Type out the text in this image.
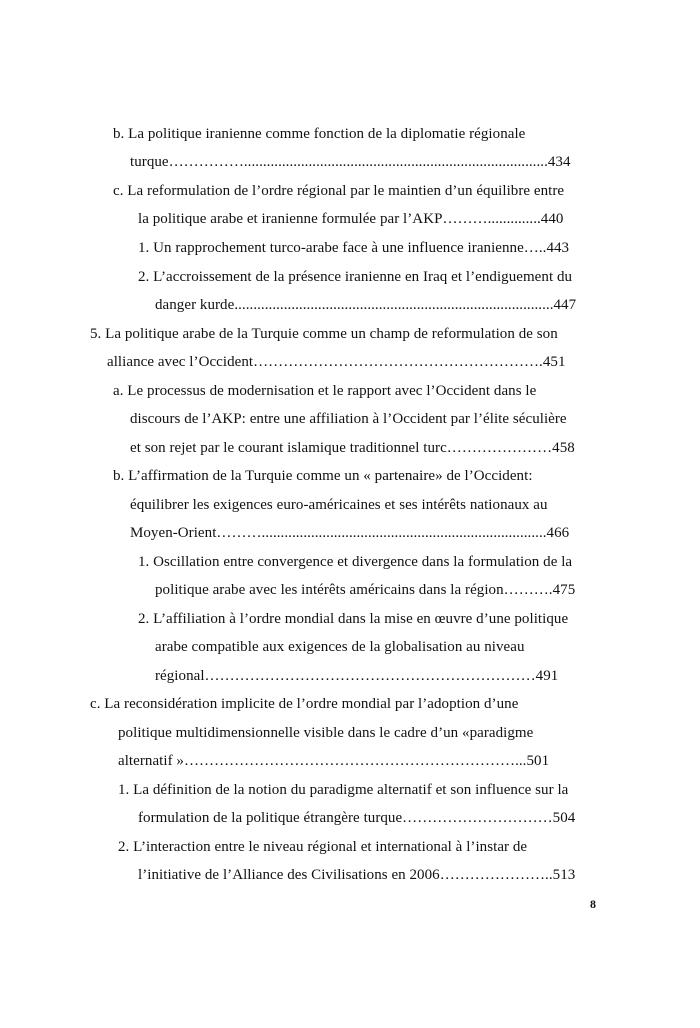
b. La politique iranienne comme fonction de la diplomatie régionale
turque……………................................................................................434
c. La reformulation de l’ordre régional par le maintien d’un équilibre entre
la politique arabe et iranienne formulée par l’AKP………..............440
1. Un rapprochement turco-arabe face à une influence iranienne…..443
2. L’accroissement de la présence iranienne en Iraq et l’endiguement du
danger kurde....................................................................................447
5. La politique arabe de la Turquie comme un champ de reformulation de son
alliance avec l’Occident………………………………………………….451
a. Le processus de modernisation et le rapport avec l’Occident dans le
discours de l’AKP: entre une affiliation à l’Occident par l’élite séculière
et son rejet par le courant islamique traditionnel turc…………………458
b. L’affirmation de la Turquie comme un « partenaire» de l’Occident:
équilibrer les exigences euro-américaines et ses intérêts nationaux au
Moyen-Orient………...........................................................................466
1. Oscillation entre convergence et divergence dans la formulation de la
politique arabe avec les intérêts américains dans la région……….475
2. L’affiliation à l’ordre mondial dans la mise en œuvre d’une politique
arabe compatible aux exigences de la globalisation au niveau
régional…………………………………………………………491
c. La reconsidération implicite de l’ordre mondial par l’adoption d’une
politique multidimensionnelle visible dans le cadre d’un «paradigme
alternatif »…………………………………………………………...501
1. La définition de la notion du paradigme alternatif et son influence sur la
formulation de la politique étrangère turque…………………………504
2. L’interaction entre le niveau régional et international à l’instar de
l’initiative de l’Alliance des Civilisations en 2006…………………..513
8
